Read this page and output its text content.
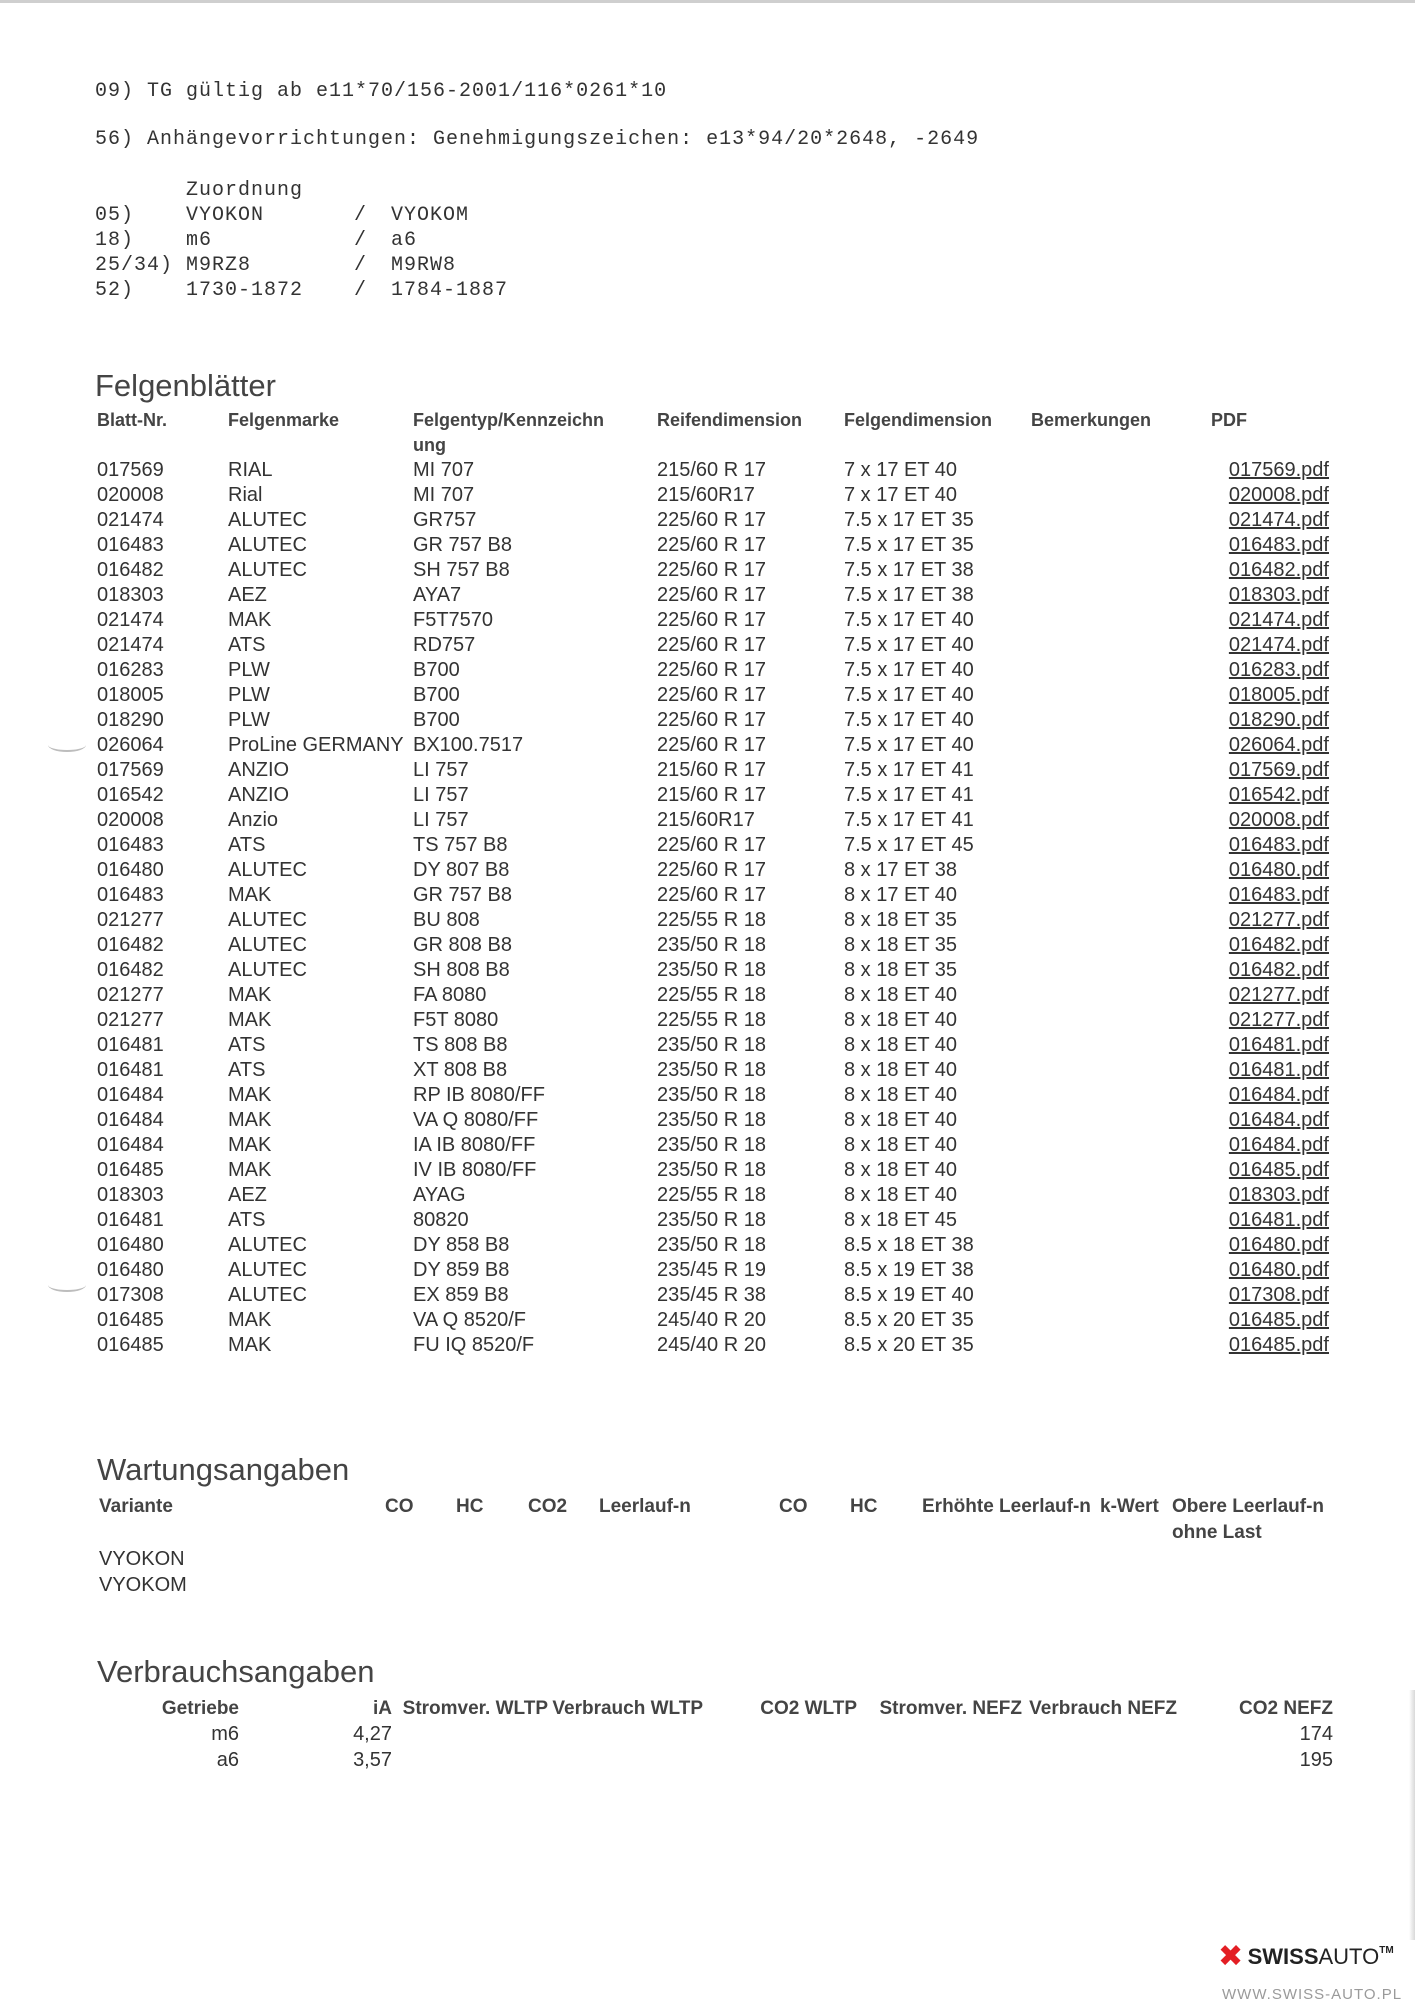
09) TG gültig ab e11*70/156-2001/116*0261*10
56) Anhängevorrichtungen: Genehmigungszeichen: e13*94/20*2648, -2649
Zuordnung
05)	VYOKON	/ VYOKOM
18)	m6	/ a6
25/34) M9RZ8	/ M9RW8
52)	1730-1872	/ 1784-1887
Felgenblätter
Blatt-Nr.	Felgenmarke	Felgentyp/Kennzeichn
ung	Reifendimension	Felgendimension	Bemerkungen	PDF
017569	RIAL	MI 707	215/60 R 17	7 x 17 ET 40		017569.pdf
020008	Rial	MI 707	215/60R17	7 x 17 ET 40		020008.pdf
021474	ALUTEC	GR757	225/60 R 17	7.5 x 17 ET 35		021474.pdf
016483	ALUTEC	GR 757 B8	225/60 R 17	7.5 x 17 ET 35		016483.pdf
016482	ALUTEC	SH 757 B8	225/60 R 17	7.5 x 17 ET 38		016482.pdf
018303	AEZ	AYA7	225/60 R 17	7.5 x 17 ET 38		018303.pdf
021474	MAK	F5T7570	225/60 R 17	7.5 x 17 ET 40		021474.pdf
021474	ATS	RD757	225/60 R 17	7.5 x 17 ET 40		021474.pdf
016283	PLW	B700	225/60 R 17	7.5 x 17 ET 40		016283.pdf
018005	PLW	B700	225/60 R 17	7.5 x 17 ET 40		018005.pdf
018290	PLW	B700	225/60 R 17	7.5 x 17 ET 40		018290.pdf
026064	ProLine GERMANY	BX100.7517	225/60 R 17	7.5 x 17 ET 40		026064.pdf
017569	ANZIO	LI 757	215/60 R 17	7.5 x 17 ET 41		017569.pdf
016542	ANZIO	LI 757	215/60 R 17	7.5 x 17 ET 41		016542.pdf
020008	Anzio	LI 757	215/60R17	7.5 x 17 ET 41		020008.pdf
016483	ATS	TS 757 B8	225/60 R 17	7.5 x 17 ET 45		016483.pdf
016480	ALUTEC	DY 807 B8	225/60 R 17	8 x 17 ET 38		016480.pdf
016483	MAK	GR 757 B8	225/60 R 17	8 x 17 ET 40		016483.pdf
021277	ALUTEC	BU 808	225/55 R 18	8 x 18 ET 35		021277.pdf
016482	ALUTEC	GR 808 B8	235/50 R 18	8 x 18 ET 35		016482.pdf
016482	ALUTEC	SH 808 B8	235/50 R 18	8 x 18 ET 35		016482.pdf
021277	MAK	FA 8080	225/55 R 18	8 x 18 ET 40		021277.pdf
021277	MAK	F5T 8080	225/55 R 18	8 x 18 ET 40		021277.pdf
016481	ATS	TS 808 B8	235/50 R 18	8 x 18 ET 40		016481.pdf
016481	ATS	XT 808 B8	235/50 R 18	8 x 18 ET 40		016481.pdf
016484	MAK	RP IB 8080/FF	235/50 R 18	8 x 18 ET 40		016484.pdf
016484	MAK	VA Q 8080/FF	235/50 R 18	8 x 18 ET 40		016484.pdf
016484	MAK	IA IB 8080/FF	235/50 R 18	8 x 18 ET 40		016484.pdf
016485	MAK	IV IB 8080/FF	235/50 R 18	8 x 18 ET 40		016485.pdf
018303	AEZ	AYAG	225/55 R 18	8 x 18 ET 40		018303.pdf
016481	ATS	80820	235/50 R 18	8 x 18 ET 45		016481.pdf
016480	ALUTEC	DY 858 B8	235/50 R 18	8.5 x 18 ET 38		016480.pdf
016480	ALUTEC	DY 859 B8	235/45 R 19	8.5 x 19 ET 38		016480.pdf
017308	ALUTEC	EX 859 B8	235/45 R 38	8.5 x 19 ET 40		017308.pdf
016485	MAK	VA Q 8520/F	245/40 R 20	8.5 x 20 ET 35		016485.pdf
016485	MAK	FU IQ 8520/F	245/40 R 20	8.5 x 20 ET 35		016485.pdf
Wartungsangaben
Variante	CO	HC	CO2	Leerlauf-n	CO	HC	Erhöhte Leerlauf-n	k-Wert	Obere Leerlauf-n ohne Last
VYOKON									
VYOKOM									
Verbrauchsangaben
Getriebe	iA	Stromver. WLTP	Verbrauch WLTP	CO2 WLTP	Stromver. NEFZ	Verbrauch NEFZ	CO2 NEFZ
m6	4,27						174
a6	3,57						195
✖ SWISSAUTO™
WWW.SWISS-AUTO.PL
